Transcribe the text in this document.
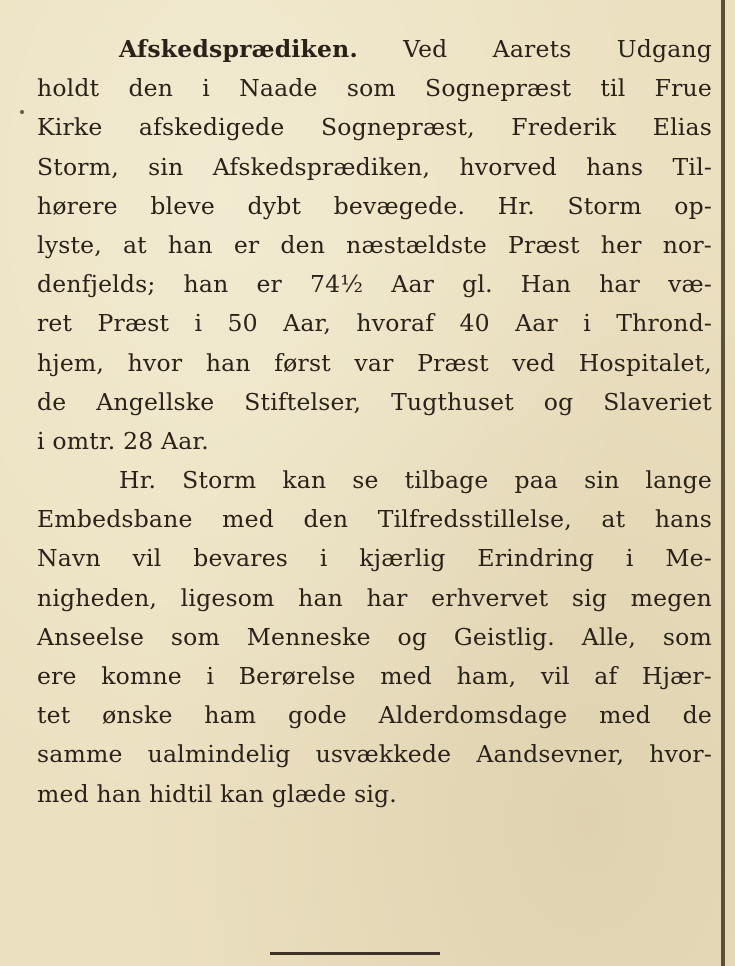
Afskedsprædiken. Ved Aarets Udgang
holdt den i Naade som Sognepræst til Frue
Kirke afskedigede Sognepræst, Frederik Elias
Storm, sin Afskedsprædiken, hvorved hans Til-
hørere bleve dybt bevægede. Hr. Storm op-
lyste, at han er den næstældste Præst her nor-
denfjelds; han er 74½ Aar gl. Han har væ-
ret Præst i 50 Aar, hvoraf 40 Aar i Thrond-
hjem, hvor han først var Præst ved Hospitalet,
de Angellske Stiftelser, Tugthuset og Slaveriet
i omtr. 28 Aar.
Hr. Storm kan se tilbage paa sin lange
Embedsbane med den Tilfredsstillelse, at hans
Navn vil bevares i kjærlig Erindring i Me-
nigheden, ligesom han har erhvervet sig megen
Anseelse som Menneske og Geistlig. Alle, som
ere komne i Berørelse med ham, vil af Hjær-
tet ønske ham gode Alderdomsdage med de
samme ualmindelig usvækkede Aandsevner, hvor-
med han hidtil kan glæde sig.
